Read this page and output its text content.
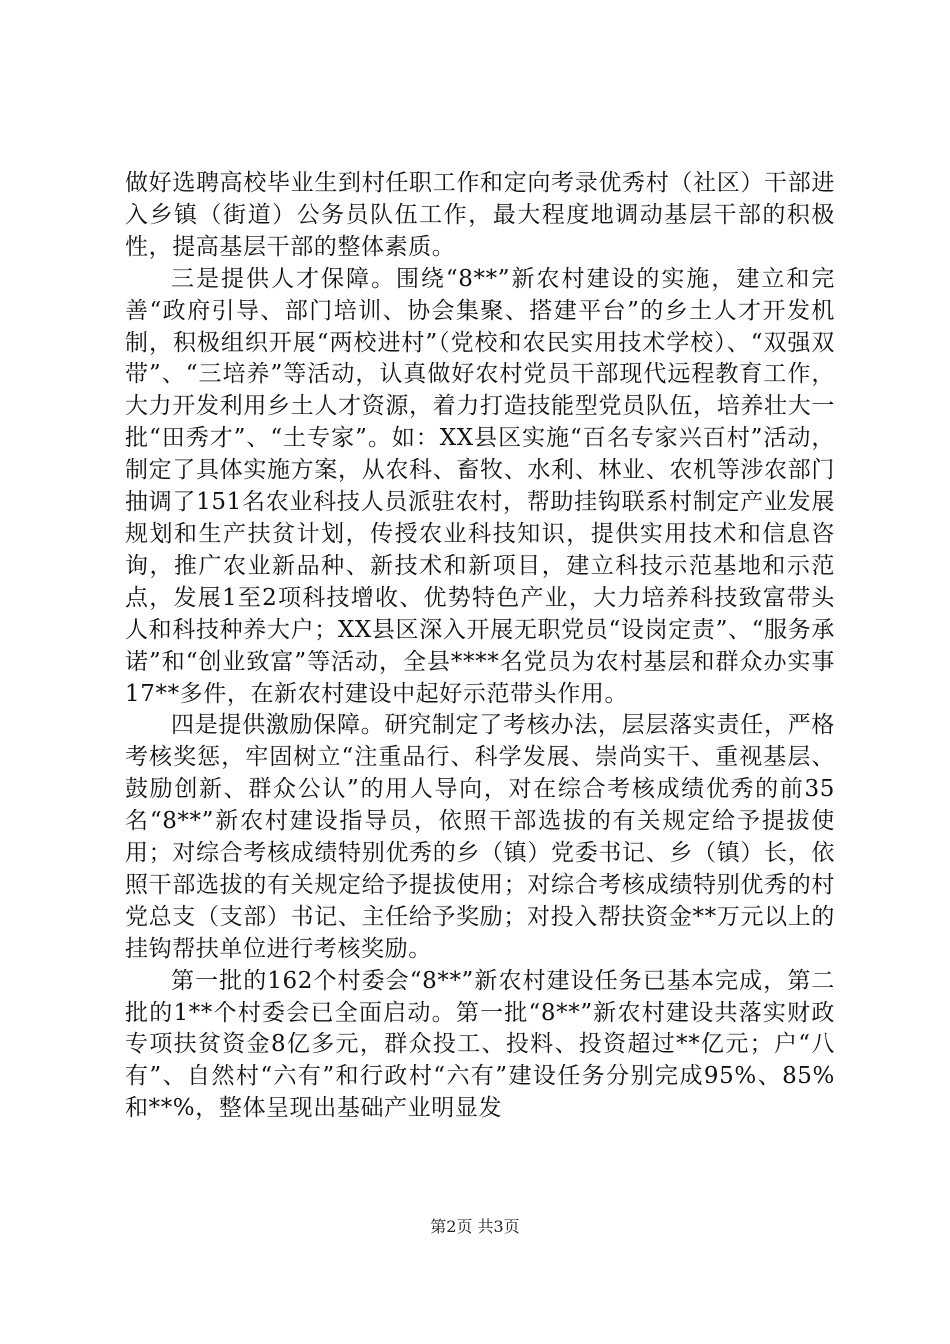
做好选聘高校毕业生到村任职工作和定向考录优秀村（社区）干部进入乡镇（街道）公务员队伍工作，最大程度地调动基层干部的积极性，提高基层干部的整体素质。

三是提供人才保障。围绕“8**”新农村建设的实施，建立和完善“政府引导、部门培训、协会集聚、搭建平台”的乡土人才开发机制，积极组织开展“两校进村”（党校和农民实用技术学校）、“双强双带”、“三培养”等活动，认真做好农村党员干部现代远程教育工作，大力开发利用乡土人才资源，着力打造技能型党员队伍，培养壮大一批“田秀才”、“土专家”。如：XX县区实施“百名专家兴百村”活动，制定了具体实施方案，从农科、畜牧、水利、林业、农机等涉农部门抽调了151名农业科技人员派驻农村，帮助挂钩联系村制定产业发展规划和生产扶贫计划，传授农业科技知识，提供实用技术和信息咨询，推广农业新品种、新技术和新项目，建立科技示范基地和示范点，发展1至2项科技增收、优势特色产业，大力培养科技致富带头人和科技种养大户；XX县区深入开展无职党员“设岗定责”、“服务承诺”和“创业致富”等活动，全县****名党员为农村基层和群众办实事17**多件，在新农村建设中起好示范带头作用。

四是提供激励保障。研究制定了考核办法，层层落实责任，严格考核奖惩，牢固树立“注重品行、科学发展、崇尚实干、重视基层、鼓励创新、群众公认”的用人导向，对在综合考核成绩优秀的前35名“8**”新农村建设指导员，依照干部选拔的有关规定给予提拔使用；对综合考核成绩特别优秀的乡（镇）党委书记、乡（镇）长，依照干部选拔的有关规定给予提拔使用；对综合考核成绩特别优秀的村党总支（支部）书记、主任给予奖励；对投入帮扶资金**万元以上的挂钩帮扶单位进行考核奖励。

第一批的162个村委会“8**”新农村建设任务已基本完成，第二批的1**个村委会已全面启动。第一批“8**”新农村建设共落实财政专项扶贫资金8亿多元，群众投工、投料、投资超过**亿元；户“八有”、自然村“六有”和行政村“六有”建设任务分别完成95%、85%和**%，整体呈现出基础产业明显发

第2页 共3页
